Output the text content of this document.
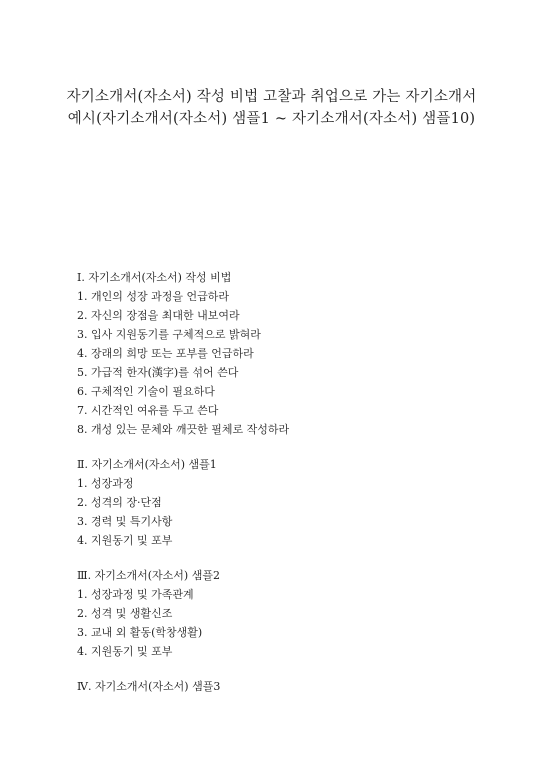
자기소개서(자소서) 작성 비법 고찰과 취업으로 가는 자기소개서
예시(자기소개서(자소서) 샘플1 ~ 자기소개서(자소서) 샘플10)
Ⅰ. 자기소개서(자소서) 작성 비법
1. 개인의 성장 과정을 언급하라
2. 자신의 장점을 최대한 내보여라
3. 입사 지원동기를 구체적으로 밝혀라
4. 장래의 희망 또는 포부를 언급하라
5. 가급적 한자(漢字)를 섞어 쓴다
6. 구체적인 기술이 필요하다
7. 시간적인 여유를 두고 쓴다
8. 개성 있는 문체와 깨끗한 필체로 작성하라
Ⅱ. 자기소개서(자소서) 샘플1
1. 성장과정
2. 성격의 장·단점
3. 경력 및 특기사항
4. 지원동기 및 포부
Ⅲ. 자기소개서(자소서) 샘플2
1. 성장과정 및 가족관계
2. 성격 및 생활신조
3. 교내 외 활동(학창생활)
4. 지원동기 및 포부
Ⅳ. 자기소개서(자소서) 샘플3
